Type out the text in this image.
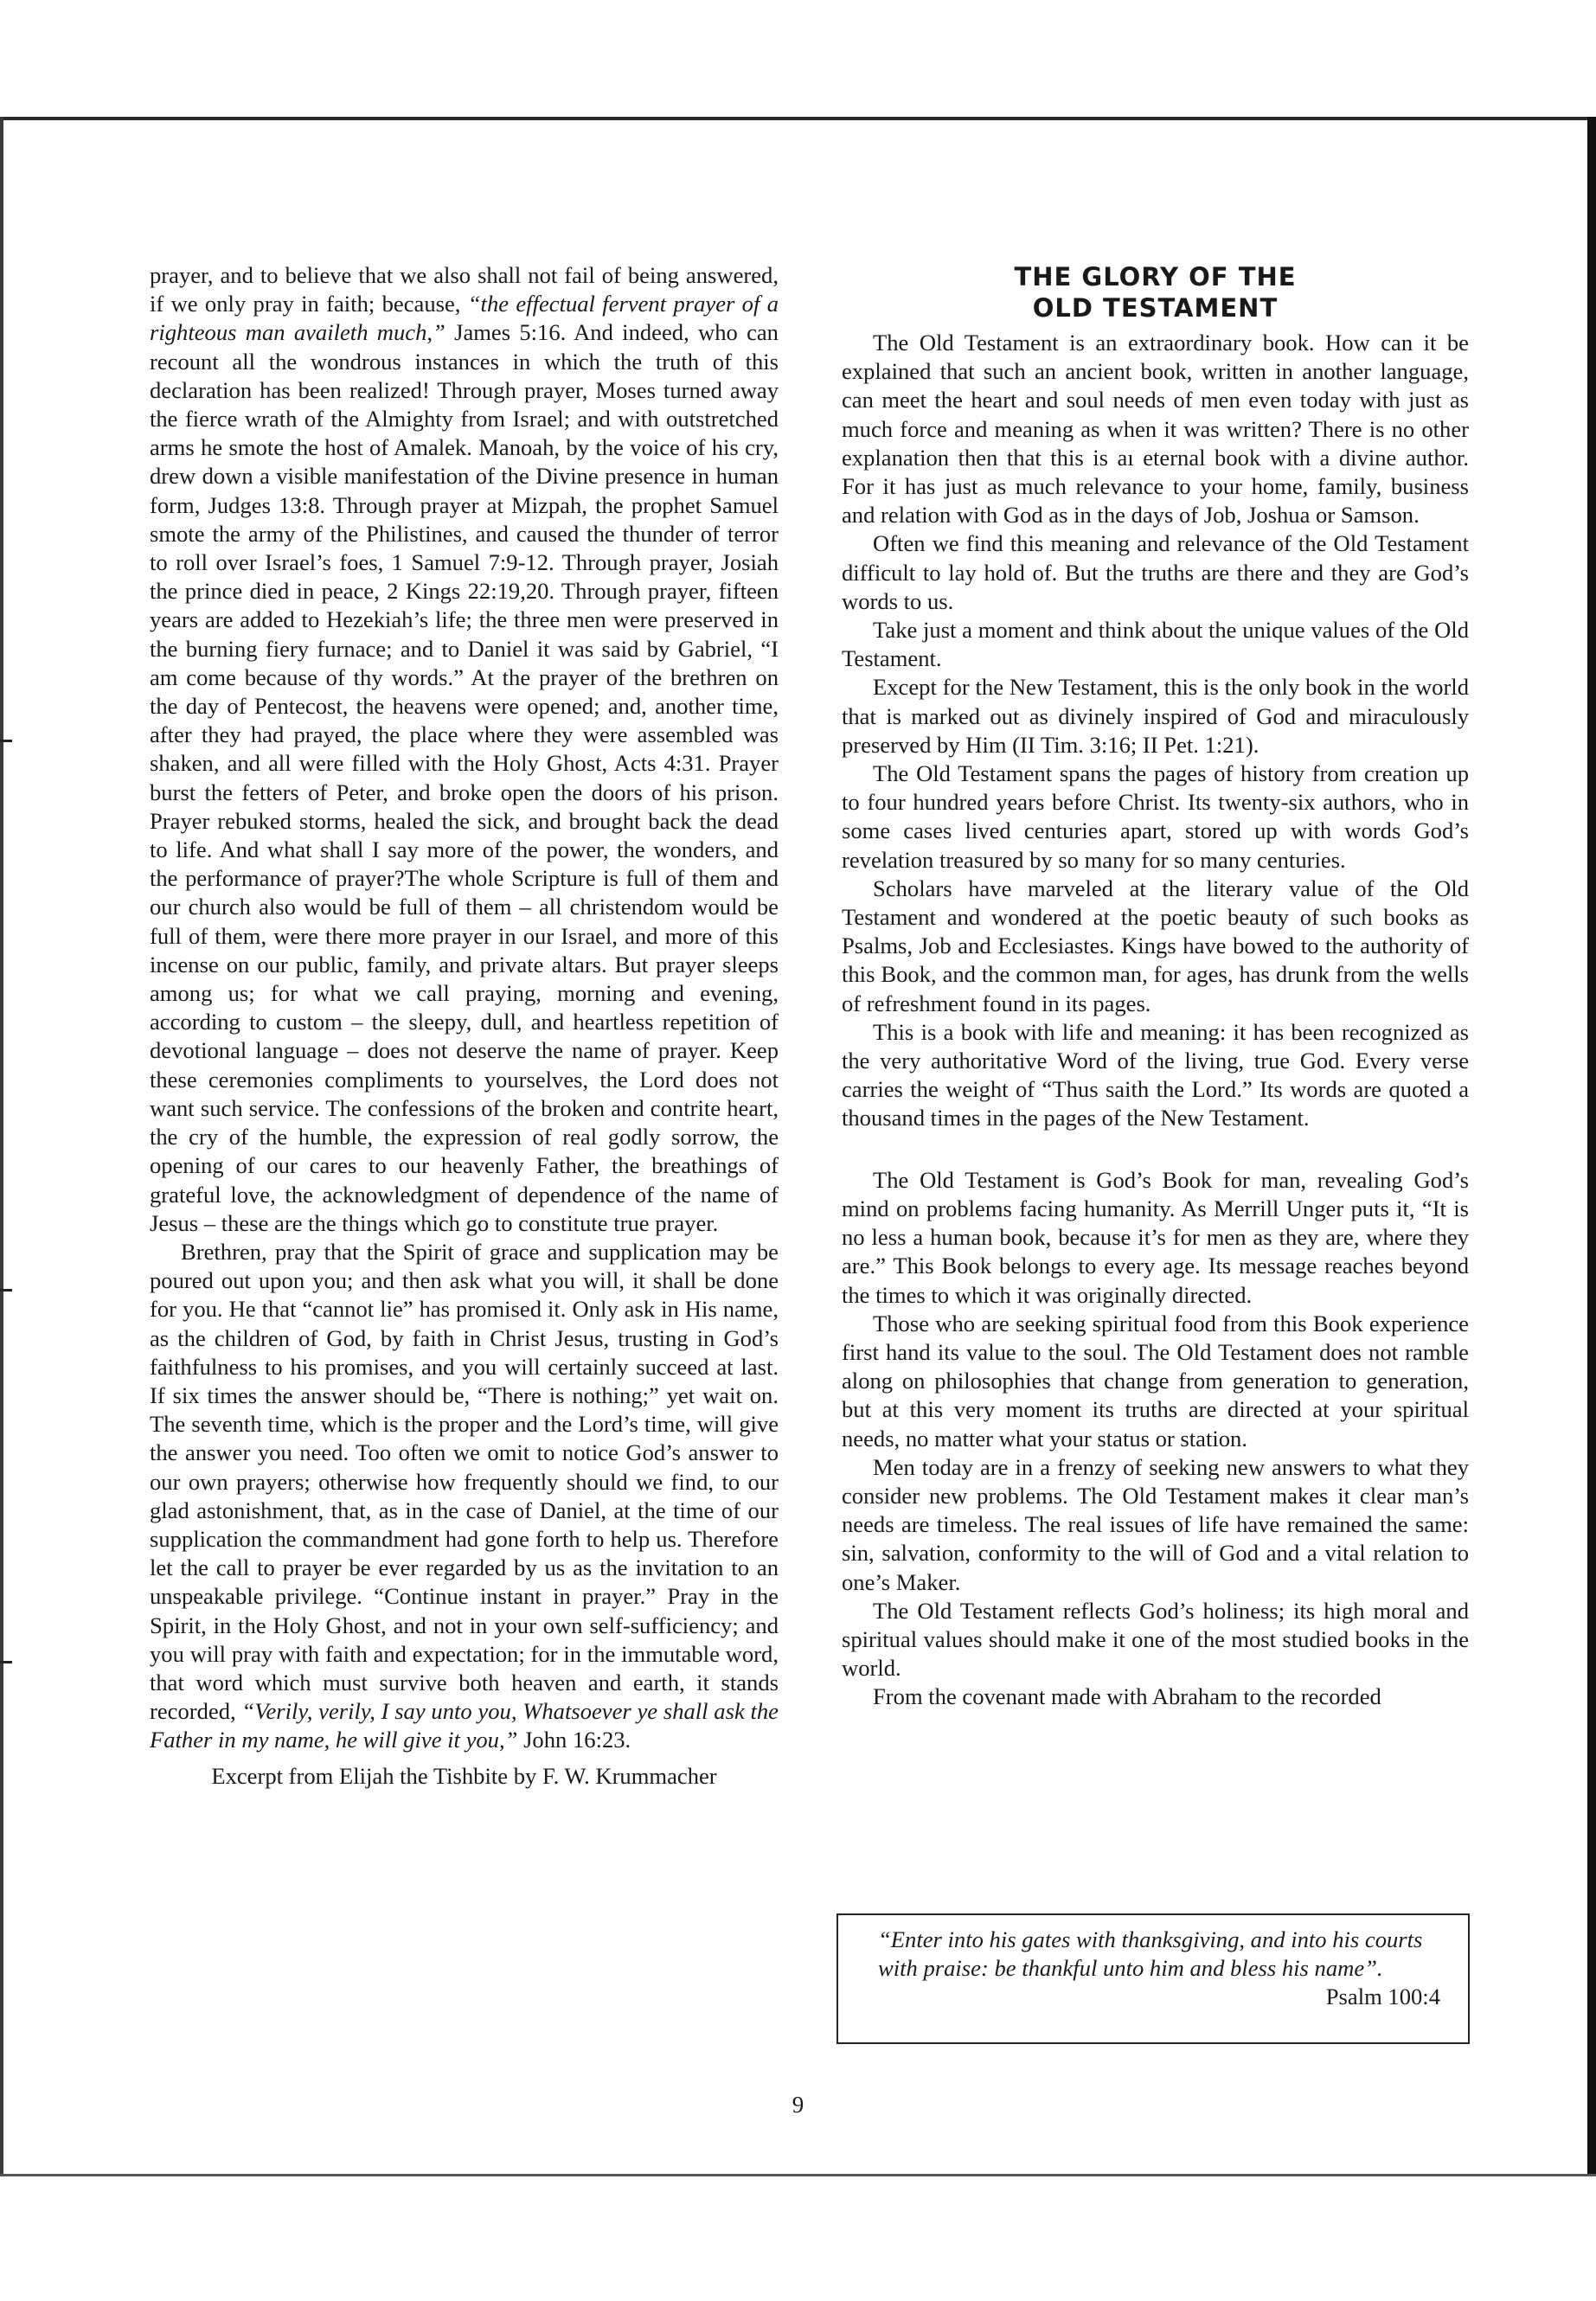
prayer, and to believe that we also shall not fail of being answered, if we only pray in faith; because, “the effectual fervent prayer of a righteous man availeth much,” James 5:16. And indeed, who can recount all the wondrous instances in which the truth of this declaration has been realized! Through prayer, Moses turned away the fierce wrath of the Almighty from Israel; and with outstretched arms he smote the host of Amalek. Manoah, by the voice of his cry, drew down a visible manifestation of the Divine presence in human form, Judges 13:8. Through prayer at Mizpah, the prophet Samuel smote the army of the Philistines, and caused the thunder of terror to roll over Israel’s foes, 1 Samuel 7:9-12. Through prayer, Josiah the prince died in peace, 2 Kings 22:19,20. Through prayer, fifteen years are added to Hezekiah’s life; the three men were preserved in the burning fiery furnace; and to Daniel it was said by Gabriel, “I am come because of thy words.” At the prayer of the brethren on the day of Pentecost, the heavens were opened; and, another time, after they had prayed, the place where they were assembled was shaken, and all were filled with the Holy Ghost, Acts 4:31. Prayer burst the fetters of Peter, and broke open the doors of his prison. Prayer rebuked storms, healed the sick, and brought back the dead to life. And what shall I say more of the power, the wonders, and the performance of prayer?The whole Scripture is full of them and our church also would be full of them – all christendom would be full of them, were there more prayer in our Israel, and more of this incense on our public, family, and private altars. But prayer sleeps among us; for what we call praying, morning and evening, according to custom – the sleepy, dull, and heartless repetition of devotional language – does not deserve the name of prayer. Keep these ceremonies compliments to yourselves, the Lord does not want such service. The confessions of the broken and contrite heart, the cry of the humble, the expression of real godly sorrow, the opening of our cares to our heavenly Father, the breathings of grateful love, the acknowledgment of dependence of the name of Jesus – these are the things which go to constitute true prayer.

Brethren, pray that the Spirit of grace and supplication may be poured out upon you; and then ask what you will, it shall be done for you. He that “cannot lie” has promised it. Only ask in His name, as the children of God, by faith in Christ Jesus, trusting in God’s faithfulness to his promises, and you will certainly succeed at last. If six times the answer should be, “There is nothing;” yet wait on. The seventh time, which is the proper and the Lord’s time, will give the answer you need. Too often we omit to notice God’s answer to our own prayers; otherwise how frequently should we find, to our glad astonishment, that, as in the case of Daniel, at the time of our supplication the commandment had gone forth to help us. Therefore let the call to prayer be ever regarded by us as the invitation to an unspeakable privilege. “Continue instant in prayer.” Pray in the Spirit, in the Holy Ghost, and not in your own self-sufficiency; and you will pray with faith and expectation; for in the immutable word, that word which must survive both heaven and earth, it stands recorded, “Verily, verily, I say unto you, Whatsoever ye shall ask the Father in my name, he will give it you,” John 16:23.

Excerpt from Elijah the Tishbite by F. W. Krummacher

THE GLORY OF THE
OLD TESTAMENT

The Old Testament is an extraordinary book. How can it be explained that such an ancient book, written in another language, can meet the heart and soul needs of men even today with just as much force and meaning as when it was written? There is no other explanation then that this is aı eternal book with a divine author. For it has just as much relevance to your home, family, business and relation with God as in the days of Job, Joshua or Samson.

Often we find this meaning and relevance of the Old Testament difficult to lay hold of. But the truths are there and they are God’s words to us.

Take just a moment and think about the unique values of the Old Testament.

Except for the New Testament, this is the only book in the world that is marked out as divinely inspired of God and miraculously preserved by Him (II Tim. 3:16; II Pet. 1:21).

The Old Testament spans the pages of history from creation up to four hundred years before Christ. Its twenty-six authors, who in some cases lived centuries apart, stored up with words God’s revelation treasured by so many for so many centuries.

Scholars have marveled at the literary value of the Old Testament and wondered at the poetic beauty of such books as Psalms, Job and Ecclesiastes. Kings have bowed to the authority of this Book, and the common man, for ages, has drunk from the wells of refreshment found in its pages.

This is a book with life and meaning: it has been recognized as the very authoritative Word of the living, true God. Every verse carries the weight of “Thus saith the Lord.” Its words are quoted a thousand times in the pages of the New Testament.

The Old Testament is God’s Book for man, revealing God’s mind on problems facing humanity. As Merrill Unger puts it, “It is no less a human book, because it’s for men as they are, where they are.” This Book belongs to every age. Its message reaches beyond the times to which it was originally directed.

Those who are seeking spiritual food from this Book experience first hand its value to the soul. The Old Testament does not ramble along on philosophies that change from generation to generation, but at this very moment its truths are directed at your spiritual needs, no matter what your status or station.

Men today are in a frenzy of seeking new answers to what they consider new problems. The Old Testament makes it clear man’s needs are timeless. The real issues of life have remained the same: sin, salvation, conformity to the will of God and a vital relation to one’s Maker.

The Old Testament reflects God’s holiness; its high moral and spiritual values should make it one of the most studied books in the world.

From the covenant made with Abraham to the recorded

“Enter into his gates with thanksgiving, and into his courts with praise: be thankful unto him and bless his name”.

Psalm 100:4

9
